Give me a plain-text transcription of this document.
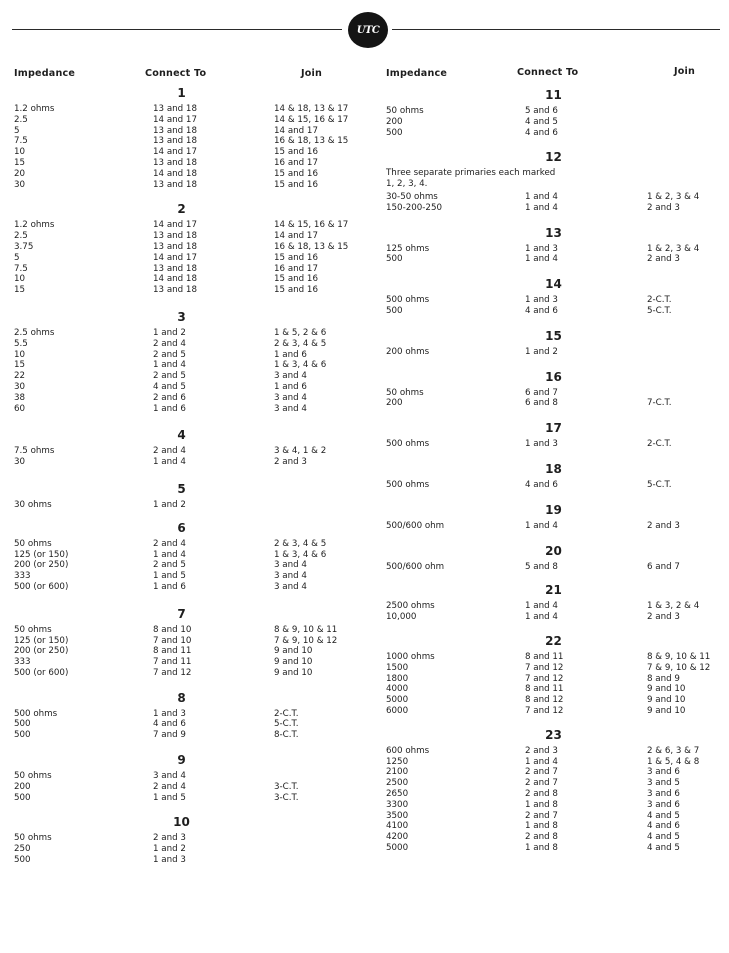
UTC
Impedance	Connect To	Join	Impedance	Connect To	Join
1
1.2 ohms	13 and 18	14 & 18, 13 & 17
2.5	14 and 17	14 & 15, 16 & 17
5	13 and 18	14 and 17
7.5	13 and 18	16 & 18, 13 & 15
10	14 and 17	15 and 16
15	13 and 18	16 and 17
20	14 and 18	15 and 16
30	13 and 18	15 and 16
2
1.2 ohms	14 and 17	14 & 15, 16 & 17
2.5	13 and 18	14 and 17
3.75	13 and 18	16 & 18, 13 & 15
5	14 and 17	15 and 16
7.5	13 and 18	16 and 17
10	14 and 18	15 and 16
15	13 and 18	15 and 16
3
2.5 ohms	1 and 2	1 & 5, 2 & 6
5.5	2 and 4	2 & 3, 4 & 5
10	2 and 5	1 and 6
15	1 and 4	1 & 3, 4 & 6
22	2 and 5	3 and 4
30	4 and 5	1 and 6
38	2 and 6	3 and 4
60	1 and 6	3 and 4
4
7.5 ohms	2 and 4	3 & 4, 1 & 2
30	1 and 4	2 and 3
5
30 ohms	1 and 2
6
50 ohms	2 and 4	2 & 3, 4 & 5
125 (or 150)	1 and 4	1 & 3, 4 & 6
200 (or 250)	2 and 5	3 and 4
333	1 and 5	3 and 4
500 (or 600)	1 and 6	3 and 4
7
50 ohms	8 and 10	8 & 9, 10 & 11
125 (or 150)	7 and 10	7 & 9, 10 & 12
200 (or 250)	8 and 11	9 and 10
333	7 and 11	9 and 10
500 (or 600)	7 and 12	9 and 10
8
500 ohms	1 and 3	2-C.T.
500	4 and 6	5-C.T.
500	7 and 9	8-C.T.
9
50 ohms	3 and 4
200	2 and 4	3-C.T.
500	1 and 5	3-C.T.
10
50 ohms	2 and 3
250	1 and 2
500	1 and 3
11
50 ohms	5 and 6
200	4 and 5
500	4 and 6
12
Three separate primaries each marked 1, 2, 3, 4.
30-50 ohms	1 and 4	1 & 2, 3 & 4
150-200-250	1 and 4	2 and 3
13
125 ohms	1 and 3	1 & 2, 3 & 4
500	1 and 4	2 and 3
14
500 ohms	1 and 3	2-C.T.
500	4 and 6	5-C.T.
15
200 ohms	1 and 2
16
50 ohms	6 and 7
200	6 and 8	7-C.T.
17
500 ohms	1 and 3	2-C.T.
18
500 ohms	4 and 6	5-C.T.
19
500/600 ohm	1 and 4	2 and 3
20
500/600 ohm	5 and 8	6 and 7
21
2500 ohms	1 and 4	1 & 3, 2 & 4
10,000	1 and 4	2 and 3
22
1000 ohms	8 and 11	8 & 9, 10 & 11
1500	7 and 12	7 & 9, 10 & 12
1800	7 and 12	8 and 9
4000	8 and 11	9 and 10
5000	8 and 12	9 and 10
6000	7 and 12	9 and 10
23
600 ohms	2 and 3	2 & 6, 3 & 7
1250	1 and 4	1 & 5, 4 & 8
2100	2 and 7	3 and 6
2500	2 and 7	3 and 5
2650	2 and 8	3 and 6
3300	1 and 8	3 and 6
3500	2 and 7	4 and 5
4100	1 and 8	4 and 6
4200	2 and 8	4 and 5
5000	1 and 8	4 and 5
